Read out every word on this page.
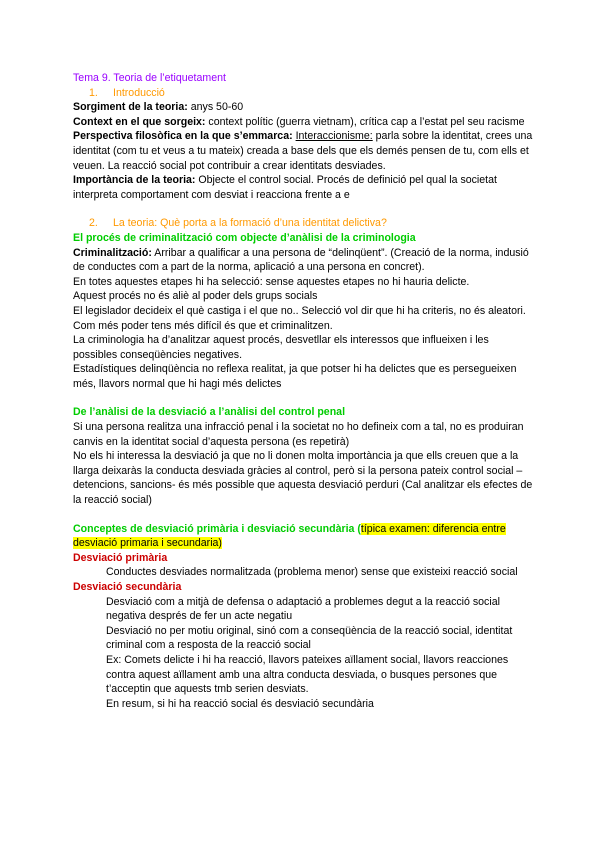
Tema 9. Teoria de l’etiquetament

1. Introducció

Sorgiment de la teoria: anys 50-60

Context en el que sorgeix: context polític (guerra vietnam), crítica cap a l’estat pel seu racisme

Perspectiva filosòfica en la que s’emmarca: Interaccionisme: parla sobre la identitat, crees una identitat (com tu et veus a tu mateix) creada a base dels que els demés pensen de tu, com ells et veuen. La reacció social pot contribuir a crear identitats desviades.

Importància de la teoria: Objecte el control social. Procés de definició pel qual la societat interpreta comportament com desviat i reacciona frente a e

2. La teoria: Què porta a la formació d’una identitat delictiva?

El procés de criminalització com objecte d’anàlisi de la criminologia

Criminalització: Arribar a qualificar a una persona de “delinqüent”. (Creació de la norma, indusió de conductes com a part de la norma, aplicació a una persona en concret).

En totes aquestes etapes hi ha selecció: sense aquestes etapes no hi hauria delicte.

Aquest procés no és aliè al poder dels grups socials

El legislador decideix el què castiga i el que no.. Selecció vol dir que hi ha criteris, no és aleatori.

Com més poder tens més difícil és que et criminalitzen.

La criminologia ha d’analitzar aquest procés, desvetllar els interessos que influeixen i les possibles conseqüències negatives.

Estadístiques delinqüència no reflexa realitat, ja que potser hi ha delictes que es persegueixen més, llavors normal que hi hagi més delictes

De l’anàlisi de la desviació a l’anàlisi del control penal

Si una persona realitza una infracció penal i la societat no ho defineix com a tal, no es produiran canvis en la identitat social d’aquesta persona (es repetirà)

No els hi interessa la desviació ja que no li donen molta importància ja que ells creuen que a la llarga deixaràs la conducta desviada gràcies al control, però si la persona pateix control social –detencions, sancions- és més possible que aquesta desviació perduri (Cal analitzar els efectes de la reacció social)

Conceptes de desviació primària i desviació secundària (típica examen: diferencia entre desviació primaria i secundaria)

Desviació primària

Conductes desviades normalitzada (problema menor) sense que existeixi reacció social

Desviació secundària

Desviació com a mitjà de defensa o adaptació a problemes degut a la reacció social negativa després de fer un acte negatiu

Desviació no per motiu original, sinó com a conseqüència de la reacció social, identitat criminal com a resposta de la reacció social

Ex: Comets delicte i hi ha reacció, llavors pateixes aïllament social, llavors reacciones contra aquest aïllament amb una altra conducta desviada, o busques persones que t’acceptin que aquests tmb serien desviats.

En resum, si hi ha reacció social és desviació secundària
